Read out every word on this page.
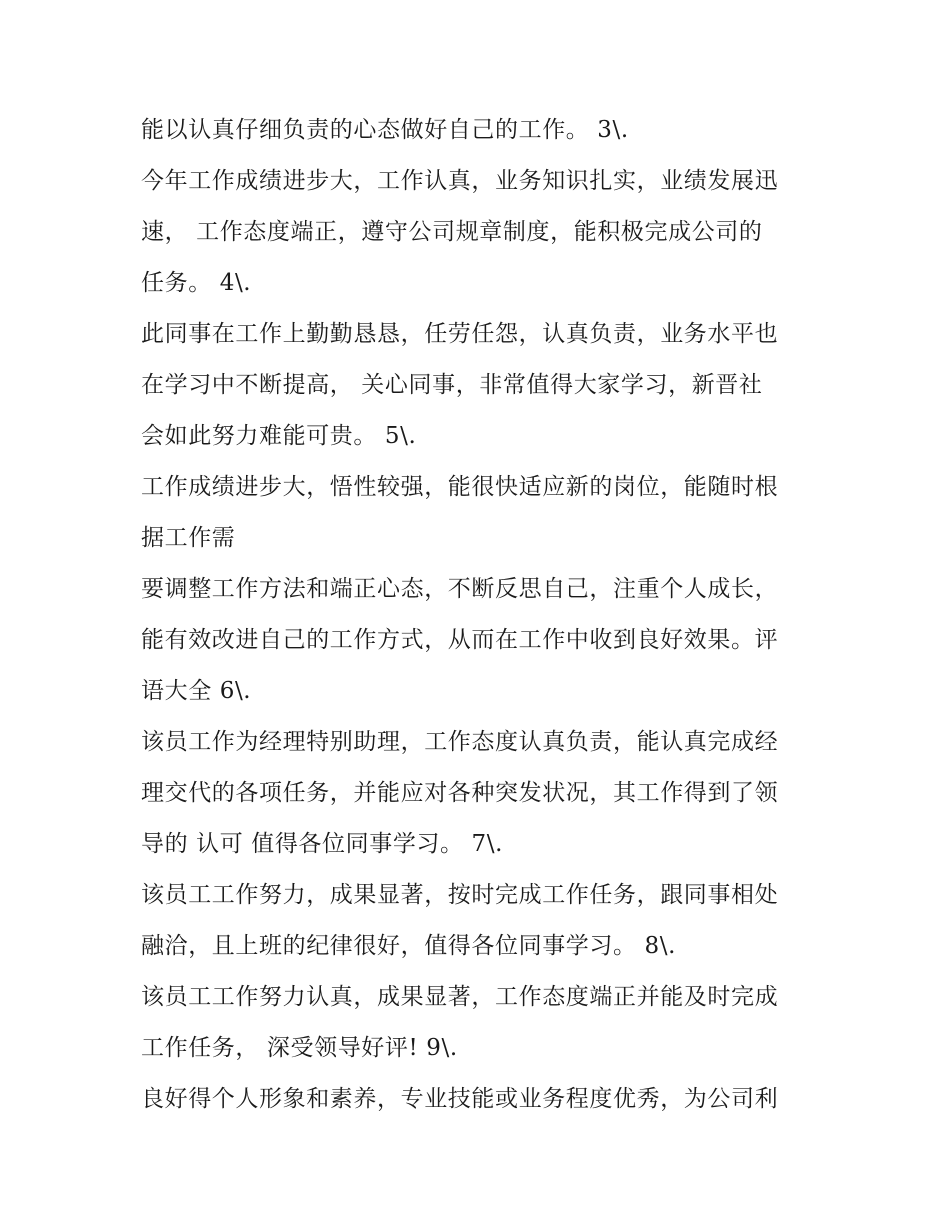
能以认真仔细负责的心态做好自己的工作。 3\.
今年工作成绩进步大，工作认真，业务知识扎实，业绩发展迅
速， 工作态度端正，遵守公司规章制度，能积极完成公司的
任务。 4\.
此同事在工作上勤勤恳恳，任劳任怨，认真负责，业务水平也
在学习中不断提高， 关心同事，非常值得大家学习，新晋社
会如此努力难能可贵。 5\.
工作成绩进步大，悟性较强，能很快适应新的岗位，能随时根
据工作需
要调整工作方法和端正心态，不断反思自己，注重个人成长，
能有效改进自己的工作方式，从而在工作中收到良好效果。评
语大全 6\.
该员工作为经理特别助理，工作态度认真负责，能认真完成经
理交代的各项任务，并能应对各种突发状况，其工作得到了领
导的 认可 值得各位同事学习。 7\.
该员工工作努力，成果显著，按时完成工作任务，跟同事相处
融洽，且上班的纪律很好，值得各位同事学习。 8\.
该员工工作努力认真，成果显著，工作态度端正并能及时完成
工作任务， 深受领导好评! 9\.
良好得个人形象和素养，专业技能或业务程度优秀，为公司利
